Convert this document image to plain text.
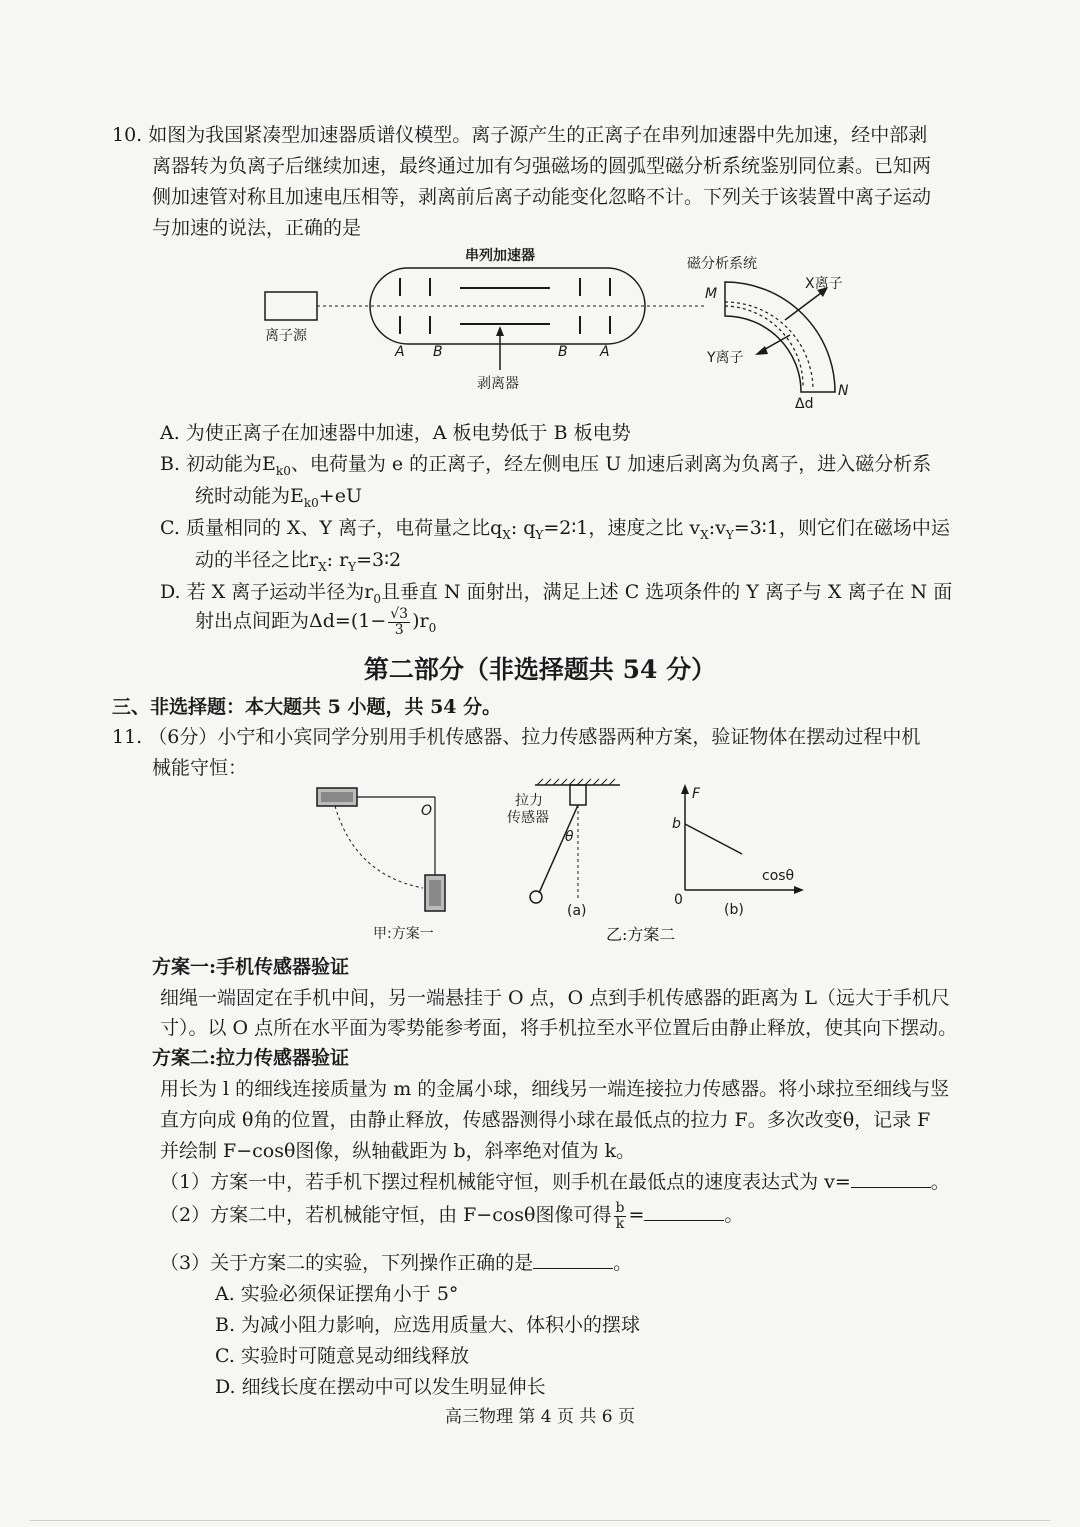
10. 如图为我国紧凑型加速器质谱仪模型。离子源产生的正离子在串列加速器中先加速，经中部剥
离器转为负离子后继续加速，最终通过加有匀强磁场的圆弧型磁分析系统鉴别同位素。已知两
侧加速管对称且加速电压相等，剥离前后离子动能变化忽略不计。下列关于该装置中离子运动
与加速的说法，正确的是
离子源
串列加速器
A B	B A
剥离器
磁分析系统
M
N
Δd
X离子
Y离子
A. 为使正离子在加速器中加速，A 板电势低于 B 板电势
B. 初动能为$E_{k0}$、电荷量为 e 的正离子，经左侧电压 U 加速后剥离为负离子，进入磁分析系
统时动能为$E_{k0}+eU$
C. 质量相同的 X、Y 离子，电荷量之比$q_X$: $q_Y=2∶1$，速度之比 $v_X:v_Y=3∶1$，则它们在磁场中运
动的半径之比$r_X$: $r_Y=3∶2$
D. 若 X 离子运动半径为$r_0$且垂直 N 面射出，满足上述 C 选项条件的 Y 离子与 X 离子在 N 面
射出点间距为$\Delta d=(1- \frac{√3}{3} )r_0$
第二部分（非选择题共 54 分）
三、非选择题：本大题共 5 小题，共 54 分。
11. （6分）小宁和小宾同学分别用手机传感器、拉力传感器两种方案，验证物体在摆动过程中机
械能守恒：
O
甲:方案一
拉力
传感器
θ
(a)
F
b
0
cosθ
(b)
乙:方案二
方案一:手机传感器验证
细绳一端固定在手机中间，另一端悬挂于 O 点，O 点到手机传感器的距离为 L（远大于手机尺
寸）。以 O 点所在水平面为零势能参考面，将手机拉至水平位置后由静止释放，使其向下摆动。
方案二:拉力传感器验证
用长为 l 的细线连接质量为 m 的金属小球，细线另一端连接拉力传感器。将小球拉至细线与竖
直方向成 θ角的位置，由静止释放，传感器测得小球在最低点的拉力 F。多次改变θ，记录 F
并绘制 F−cosθ图像，纵轴截距为 b，斜率绝对值为 k。
（1）方案一中，若手机下摆过程机械能守恒，则手机在最低点的速度表达式为 v=	。
（2）方案二中，若机械能守恒，由 F−cosθ图像可得 $\frac{b}{k}$ =	。
（3）关于方案二的实验，下列操作正确的是	。
A. 实验必须保证摆角小于 5°
B. 为减小阻力影响，应选用质量大、体积小的摆球
C. 实验时可随意晃动细线释放
D. 细线长度在摆动中可以发生明显伸长
高三物理 第 4 页 共 6 页
